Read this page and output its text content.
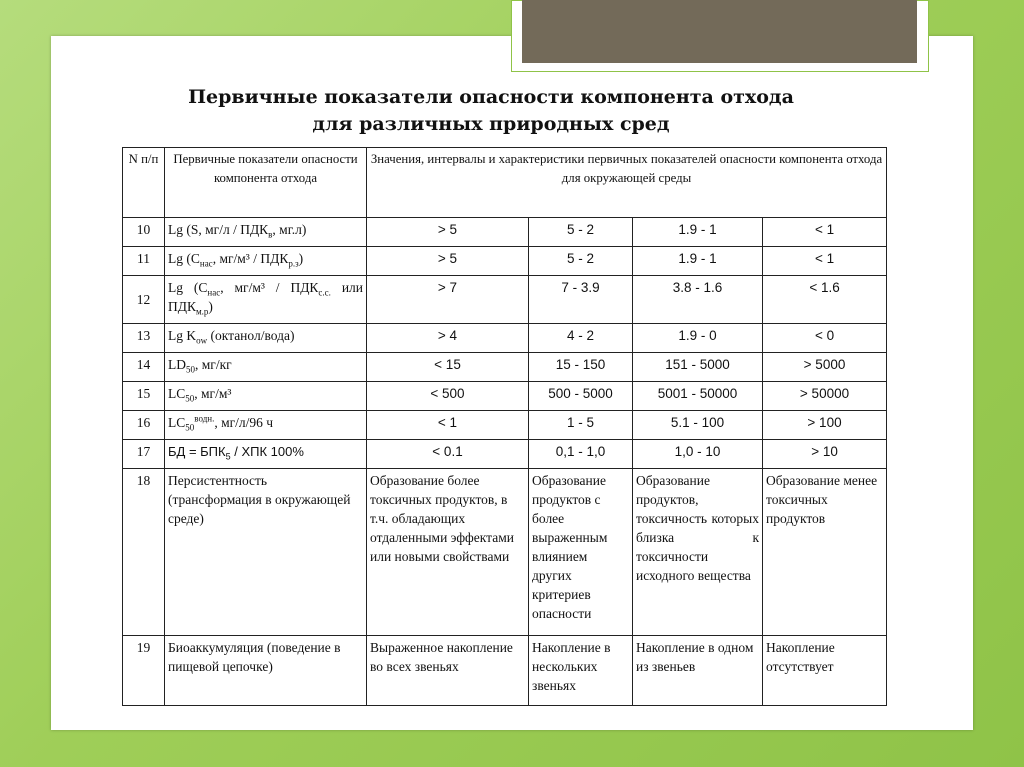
Первичные показатели опасности компонента отхода
для различных природных сред
N п/п	Первичные показатели опасности компонента отхода	Значения, интервалы и характеристики первичных показателей опасности компонента отхода для окружающей среды			
10	Lg (S, $мг/л / ПДК_в$, мг.л)	> 5	5 - 2	1.9 - 1	< 1
11	Lg ($C_{нас}$, $мг/м^3 / ПДК_{р.з}$)	> 5	5 - 2	1.9 - 1	< 1
12	Lg ($C_{нас}$, $мг/м^3 / ПДК_{с.с.}$ или $ПДК_{м.р}$)	> 7	7 - 3.9	3.8 - 1.6	< 1.6
13	Lg $K_{ow}$ (октанол/вода)	> 4	4 - 2	1.9 - 0	< 0
14	$LD_{50}$, мг/кг	< 15	15 - 150	151 - 5000	> 5000
15	$LC_{50}$, мг/м³	< 500	500 - 5000	5001 - 50000	> 50000
16	$LC_{50}^{водн.}$, мг/л/96 ч	< 1	1 - 5	5.1 - 100	> 100
17	БД = $БПК_5$ / ХПК 100%	< 0.1	0,1 - 1,0	1,0 - 10	> 10
18	Персистентность (трансформация в окружающей среде)	Образование более токсичных продуктов, в т.ч. обладающих отдаленными эффектами или новыми свойствами	Образование продуктов с более выраженным влиянием других критериев опасности	Образование продуктов, токсичность которых близка к токсичности исходного вещества	Образование менее токсичных продуктов
19	Биоаккумуляция (поведение в пищевой цепочке)	Выраженное накопление во всех звеньях	Накопление в нескольких звеньях	Накопление в одном из звеньев	Накопление отсутствует
